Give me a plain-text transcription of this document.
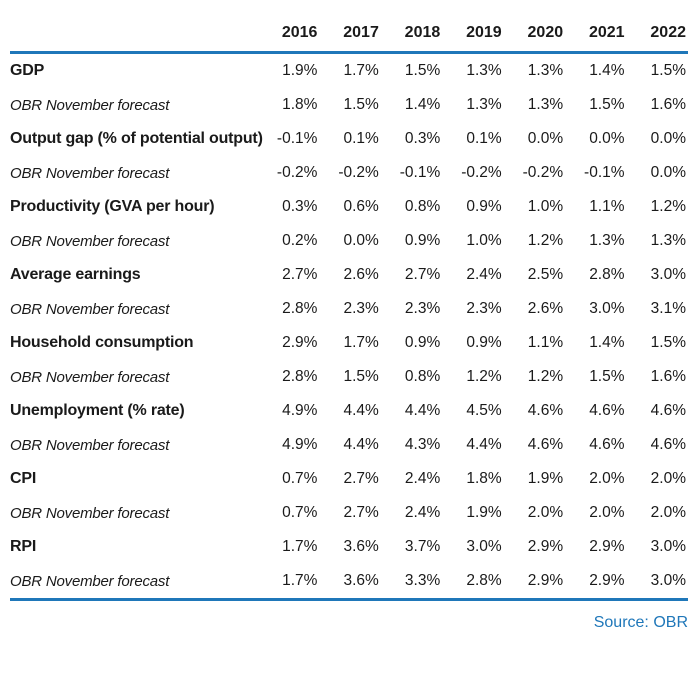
	2016	2017	2018	2019	2020	2021	2022
GDP	1.9%	1.7%	1.5%	1.3%	1.3%	1.4%	1.5%
OBR November forecast	1.8%	1.5%	1.4%	1.3%	1.3%	1.5%	1.6%
Output gap (% of potential output)	-0.1%	0.1%	0.3%	0.1%	0.0%	0.0%	0.0%
OBR November forecast	-0.2%	-0.2%	-0.1%	-0.2%	-0.2%	-0.1%	0.0%
Productivity (GVA per hour)	0.3%	0.6%	0.8%	0.9%	1.0%	1.1%	1.2%
OBR November forecast	0.2%	0.0%	0.9%	1.0%	1.2%	1.3%	1.3%
Average earnings	2.7%	2.6%	2.7%	2.4%	2.5%	2.8%	3.0%
OBR November forecast	2.8%	2.3%	2.3%	2.3%	2.6%	3.0%	3.1%
Household consumption	2.9%	1.7%	0.9%	0.9%	1.1%	1.4%	1.5%
OBR November forecast	2.8%	1.5%	0.8%	1.2%	1.2%	1.5%	1.6%
Unemployment (% rate)	4.9%	4.4%	4.4%	4.5%	4.6%	4.6%	4.6%
OBR November forecast	4.9%	4.4%	4.3%	4.4%	4.6%	4.6%	4.6%
CPI	0.7%	2.7%	2.4%	1.8%	1.9%	2.0%	2.0%
OBR November forecast	0.7%	2.7%	2.4%	1.9%	2.0%	2.0%	2.0%
RPI	1.7%	3.6%	3.7%	3.0%	2.9%	2.9%	3.0%
OBR November forecast	1.7%	3.6%	3.3%	2.8%	2.9%	2.9%	3.0%
Source: OBR
